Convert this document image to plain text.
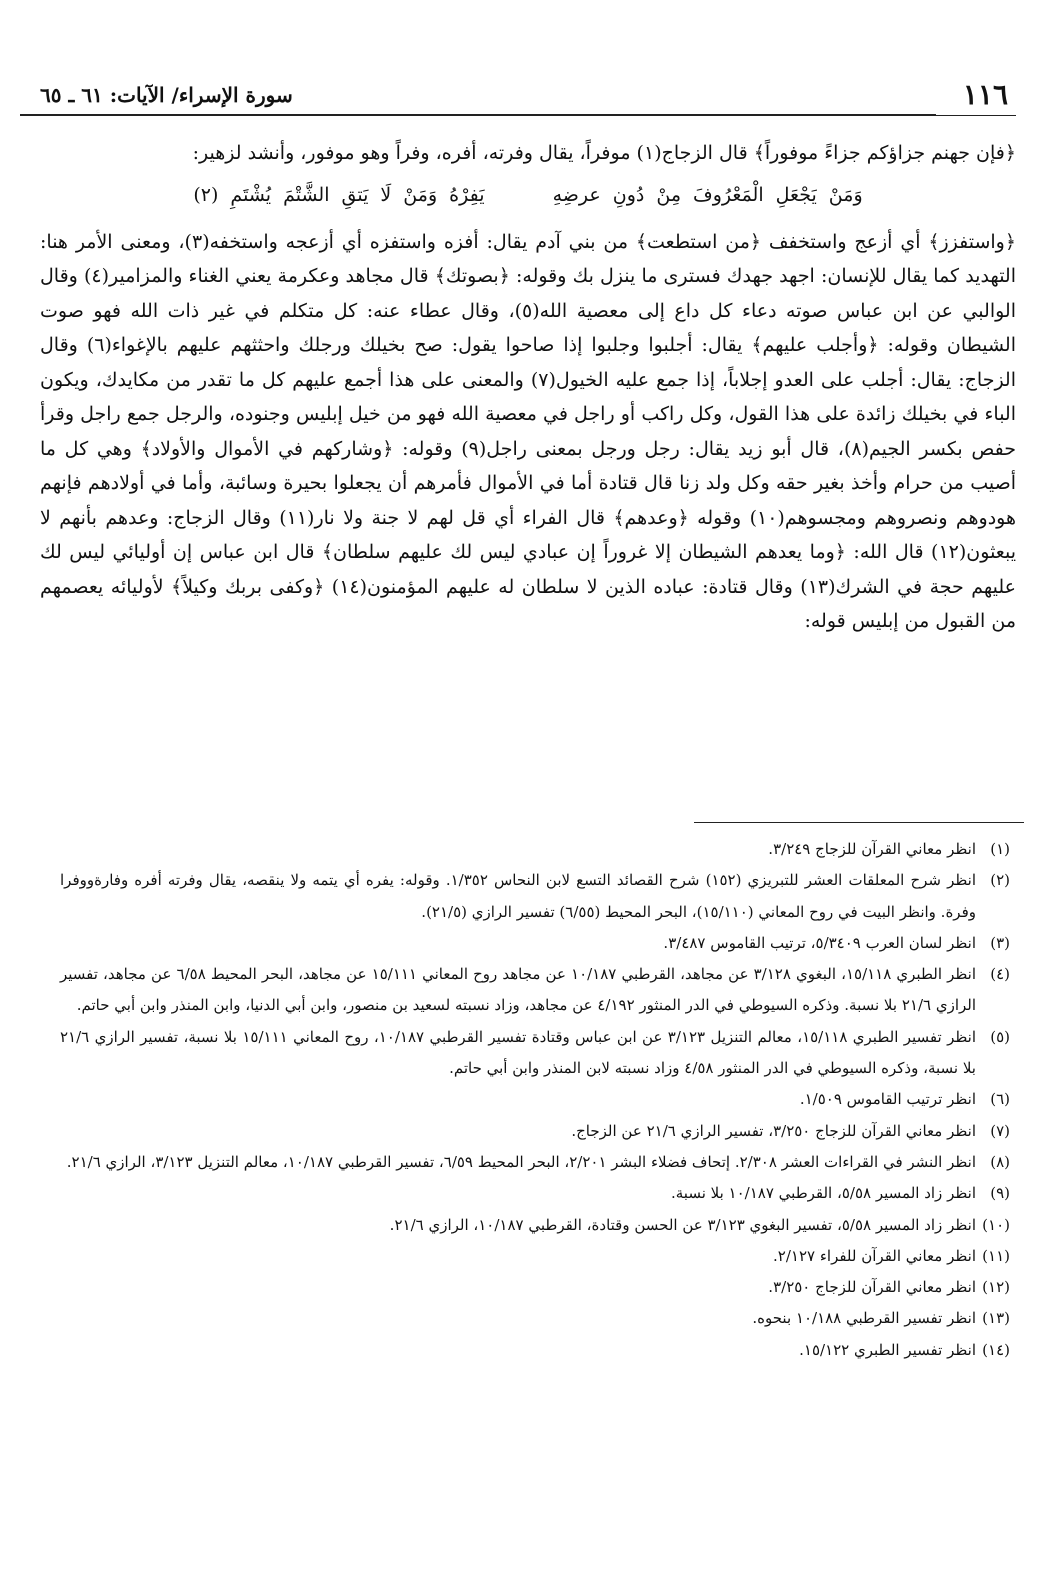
١١٦
سورة الإسراء/ الآيات: ٦١ ـ ٦٥

﴿فإن جهنم جزاؤكم جزاءً موفوراً﴾ قال الزجاج(١) موفراً، يقال وفرته، أفره، وفراً وهو موفور، وأنشد لزهير:

وَمَنْ يَجْعَلِ الْمَعْرُوفَ مِنْ دُونِ عرضِهِ يَفِرْهُ وَمَنْ لَا يَتقِ الشَّتْمَ يُشْتَمِ (٢)

﴿واستفزز﴾ أي أزعج واستخفف ﴿من استطعت﴾ من بني آدم يقال: أفزه واستفزه أي أزعجه واستخفه(٣)، ومعنى الأمر هنا: التهديد كما يقال للإنسان: اجهد جهدك فسترى ما ينزل بك وقوله: ﴿بصوتك﴾ قال مجاهد وعكرمة يعني الغناء والمزامير(٤) وقال الوالبي عن ابن عباس صوته دعاء كل داع إلى معصية الله(٥)، وقال عطاء عنه: كل متكلم في غير ذات الله فهو صوت الشيطان وقوله: ﴿وأجلب عليهم﴾ يقال: أجلبوا وجلبوا إذا صاحوا يقول: صح بخيلك ورجلك واحثثهم عليهم بالإغواء(٦) وقال الزجاج: يقال: أجلب على العدو إجلاباً، إذا جمع عليه الخيول(٧) والمعنى على هذا أجمع عليهم كل ما تقدر من مكايدك، ويكون الباء في بخيلك زائدة على هذا القول، وكل راكب أو راجل في معصية الله فهو من خيل إبليس وجنوده، والرجل جمع راجل وقرأ حفص بكسر الجيم(٨)، قال أبو زيد يقال: رجل ورجل بمعنى راجل(٩) وقوله: ﴿وشاركهم في الأموال والأولاد﴾ وهي كل ما أصيب من حرام وأخذ بغير حقه وكل ولد زنا قال قتادة أما في الأموال فأمرهم أن يجعلوا بحيرة وسائبة، وأما في أولادهم فإنهم هودوهم ونصروهم ومجسوهم(١٠) وقوله ﴿وعدهم﴾ قال الفراء أي قل لهم لا جنة ولا نار(١١) وقال الزجاج: وعدهم بأنهم لا يبعثون(١٢) قال الله: ﴿وما يعدهم الشيطان إلا غروراً إن عبادي ليس لك عليهم سلطان﴾ قال ابن عباس إن أوليائي ليس لك عليهم حجة في الشرك(١٣) وقال قتادة: عباده الذين لا سلطان له عليهم المؤمنون(١٤) ﴿وكفى بربك وكيلاً﴾ لأوليائه يعصمهم من القبول من إبليس قوله:

(١)
انظر معاني القرآن للزجاج ٣/٢٤٩.

(٢)
انظر شرح المعلقات العشر للتبريزي (١٥٢) شرح القصائد التسع لابن النحاس ١/٣٥٢. وقوله: يفره أي يتمه ولا ينقصه، يقال وفرته أفره وفارةووفرا وفرة. وانظر البيت في روح المعاني (١٥/١١٠)، البحر المحيط (٦/٥٥) تفسير الرازي (٢١/٥).

(٣)
انظر لسان العرب ٥/٣٤٠٩، ترتيب القاموس ٣/٤٨٧.

(٤)
انظر الطبري ١٥/١١٨، البغوي ٣/١٢٨ عن مجاهد، القرطبي ١٠/١٨٧ عن مجاهد روح المعاني ١٥/١١١ عن مجاهد، البحر المحيط ٦/٥٨ عن مجاهد، تفسير الرازي ٢١/٦ بلا نسبة. وذكره السيوطي في الدر المنثور ٤/١٩٢ عن مجاهد، وزاد نسبته لسعيد بن منصور، وابن أبي الدنيا، وابن المنذر وابن أبي حاتم.

(٥)
انظر تفسير الطبري ١٥/١١٨، معالم التنزيل ٣/١٢٣ عن ابن عباس وقتادة تفسير القرطبي ١٠/١٨٧، روح المعاني ١٥/١١١ بلا نسبة، تفسير الرازي ٢١/٦ بلا نسبة، وذكره السيوطي في الدر المنثور ٤/٥٨ وزاد نسبته لابن المنذر وابن أبي حاتم.

(٦)
انظر ترتيب القاموس ١/٥٠٩.

(٧)
انظر معاني القرآن للزجاج ٣/٢٥٠، تفسير الرازي ٢١/٦ عن الزجاج.

(٨)
انظر النشر في القراءات العشر ٢/٣٠٨. إتحاف فضلاء البشر ٢/٢٠١، البحر المحيط ٦/٥٩، تفسير القرطبي ١٠/١٨٧، معالم التنزيل ٣/١٢٣، الرازي ٢١/٦.

(٩)
انظر زاد المسير ٥/٥٨، القرطبي ١٠/١٨٧ بلا نسبة.

(١٠)
انظر زاد المسير ٥/٥٨، تفسير البغوي ٣/١٢٣ عن الحسن وقتادة، القرطبي ١٠/١٨٧، الرازي ٢١/٦.

(١١)
انظر معاني القرآن للفراء ٢/١٢٧.

(١٢)
انظر معاني القرآن للزجاج ٣/٢٥٠.

(١٣)
انظر تفسير القرطبي ١٠/١٨٨ بنحوه.

(١٤)
انظر تفسير الطبري ١٥/١٢٢.
